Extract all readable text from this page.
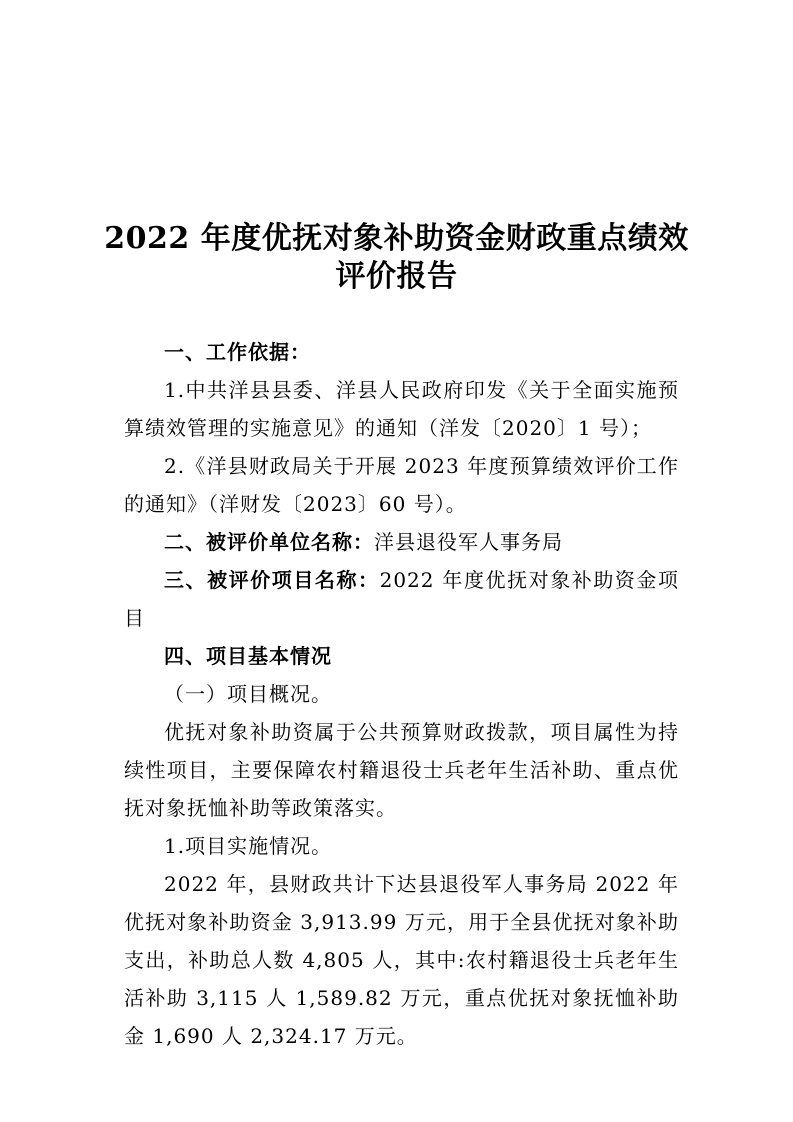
2022 年度优抚对象补助资金财政重点绩效
评价报告

一、工作依据：

1.中共洋县县委、洋县人民政府印发《关于全面实施预算绩效管理的实施意见》的通知（洋发〔2020〕1 号）；

2.《洋县财政局关于开展 2023 年度预算绩效评价工作的通知》（洋财发〔2023〕60 号）。

二、被评价单位名称：洋县退役军人事务局

三、被评价项目名称：2022 年度优抚对象补助资金项目

四、项目基本情况

（一）项目概况。

优抚对象补助资属于公共预算财政拨款，项目属性为持续性项目，主要保障农村籍退役士兵老年生活补助、重点优抚对象抚恤补助等政策落实。

1.项目实施情况。

2022 年，县财政共计下达县退役军人事务局 2022 年优抚对象补助资金 3,913.99 万元，用于全县优抚对象补助支出，补助总人数 4,805 人，其中:农村籍退役士兵老年生活补助 3,115 人 1,589.82 万元，重点优抚对象抚恤补助金 1,690 人 2,324.17 万元。
